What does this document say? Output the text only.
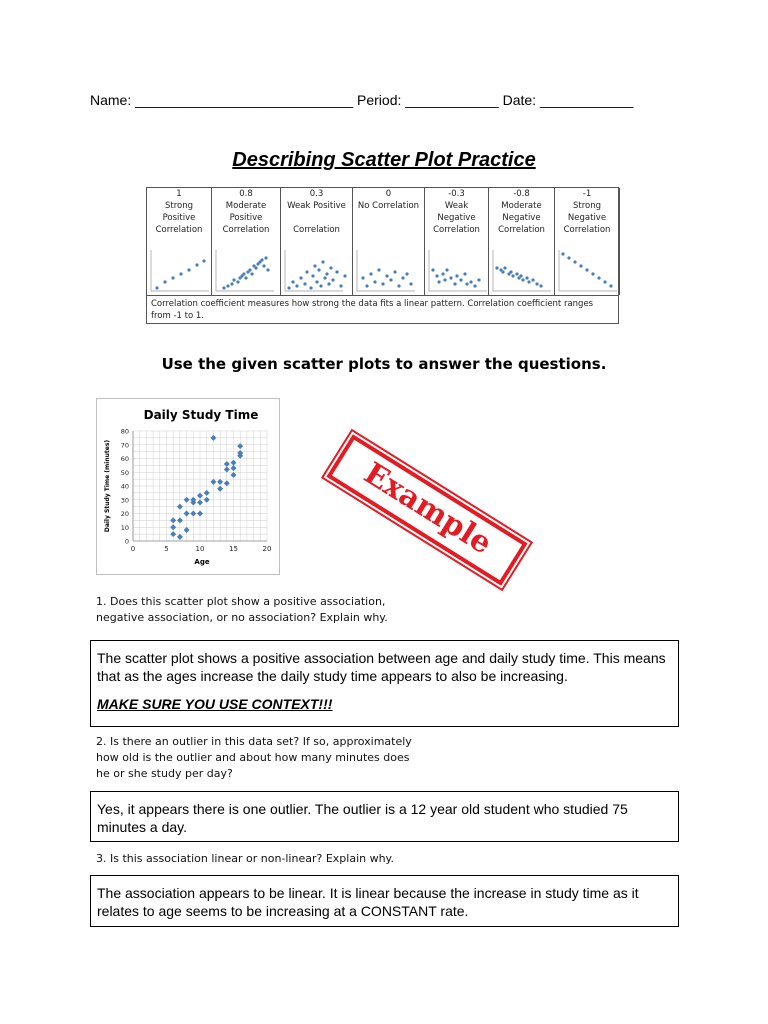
Name: ____________________________ Period: ____________ Date: ____________
Describing Scatter Plot Practice
1
Strong
Positive
Correlation
0.8
Moderate
Positive
Correlation
0.3
Weak Positive

Correlation
0
No Correlation
-0.3
Weak
Negative
Correlation
-0.8
Moderate
Negative
Correlation
-1
Strong
Negative
Correlation
Correlation coefficient measures how strong the data fits a linear pattern. Correlation coefficient ranges from -1 to 1.
Use the given scatter plots to answer the questions.
Daily Study Time
0	5	10	15	20
0
10
20
30
40
50
60
70
80
Age
Daily Study Time (minutes)	Example
1. Does this scatter plot show a positive association, negative association, or no association? Explain why.
The scatter plot shows a positive association between age and daily study time. This means that as the ages increase the daily study time appears to also be increasing.
MAKE SURE YOU USE CONTEXT!!!
2. Is there an outlier in this data set? If so, approximately how old is the outlier and about how many minutes does he or she study per day?
Yes, it appears there is one outlier. The outlier is a 12 year old student who studied 75 minutes a day.
3. Is this association linear or non-linear? Explain why.
The association appears to be linear. It is linear because the increase in study time as it relates to age seems to be increasing at a CONSTANT rate.
